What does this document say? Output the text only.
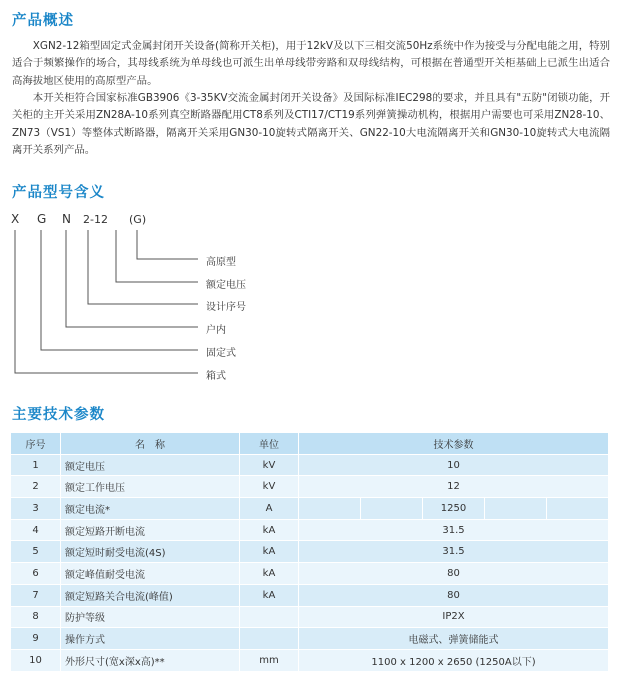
产品概述

XGN2-12箱型固定式金属封闭开关设备(简称开关柜)，用于12kV及以下三相交流50Hz系统中作为接受与分配电能之用，特别适合于频繁操作的场合，其母线系统为单母线也可派生出单母线带旁路和双母线结构，可根据在普通型开关柜基础上已派生出适合高海拔地区使用的高原型产品。

本开关柜符合国家标准GB3906《3-35KV交流金属封闭开关设备》及国际标准IEC298的要求，并且具有"五防"闭锁功能，开关柜的主开关采用ZN28A-10系列真空断路器配用CT8系列及CTI17/CT19系列弹簧操动机构，根据用户需要也可采用ZN28-10、ZN73（VS1）等整体式断路器，隔离开关采用GN30-10旋转式隔离开关、GN22-10大电流隔离开关和GN30-10旋转式大电流隔离开关系列产品。

产品型号含义
X G N 2-12 (G)
高原型
额定电压
设计序号
户内
固定式
箱式
主要技术参数
序号	名　称	单位	技术参数				
1	额定电压	kV	10				
2	额定工作电压	kV	12				
3	额定电流*	A			1250		
4	额定短路开断电流	kA	31.5				
5	额定短时耐受电流(4S)	kA	31.5				
6	额定峰值耐受电流	kA	80				
7	额定短路关合电流(峰值)	kA	80				
8	防护等级		IP2X				
9	操作方式		电磁式、弹簧储能式				
10	外形尺寸(宽x深x高)**	mm	1100 x 1200 x 2650 (1250A以下)				
